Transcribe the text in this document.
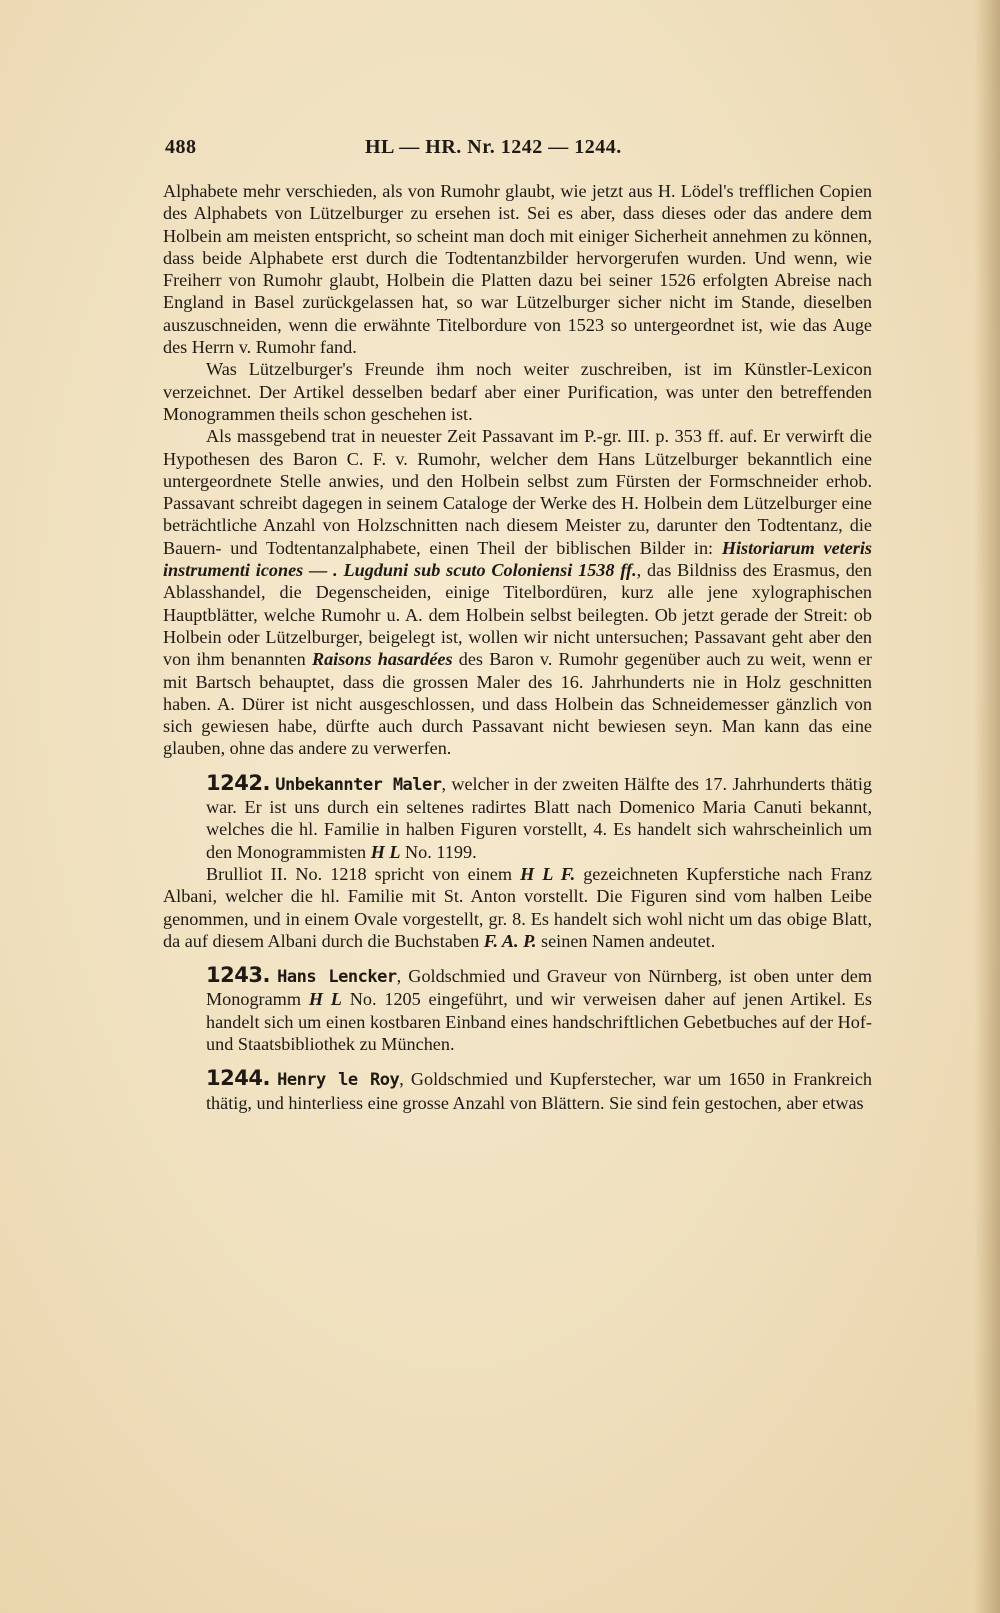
488	HL — HR. Nr. 1242 — 1244.

Alphabete mehr verschieden, als von Rumohr glaubt, wie jetzt aus H. Lödel's trefflichen Copien des Alphabets von Lützelburger zu ersehen ist. Sei es aber, dass dieses oder das andere dem Holbein am meisten entspricht, so scheint man doch mit einiger Sicherheit annehmen zu können, dass beide Alphabete erst durch die Todtentanzbilder hervorgerufen wurden. Und wenn, wie Freiherr von Rumohr glaubt, Holbein die Platten dazu bei seiner 1526 erfolgten Abreise nach England in Basel zurückgelassen hat, so war Lützelburger sicher nicht im Stande, dieselben auszuschneiden, wenn die erwähnte Titelbordure von 1523 so untergeordnet ist, wie das Auge des Herrn v. Rumohr fand.

Was Lützelburger's Freunde ihm noch weiter zuschreiben, ist im Künstler-Lexicon verzeichnet. Der Artikel desselben bedarf aber einer Purification, was unter den betreffenden Monogrammen theils schon geschehen ist.

Als massgebend trat in neuester Zeit Passavant im P.-gr. III. p. 353 ff. auf. Er verwirft die Hypothesen des Baron C. F. v. Rumohr, welcher dem Hans Lützelburger bekanntlich eine untergeordnete Stelle anwies, und den Holbein selbst zum Fürsten der Formschneider erhob. Passavant schreibt dagegen in seinem Cataloge der Werke des H. Holbein dem Lützelburger eine beträchtliche Anzahl von Holzschnitten nach diesem Meister zu, darunter den Todtentanz, die Bauern- und Todtentanzalphabete, einen Theil der biblischen Bilder in: Historiarum veteris instrumenti icones — . Lugduni sub scuto Coloniensi 1538 ff., das Bildniss des Erasmus, den Ablasshandel, die Degenscheiden, einige Titelbordüren, kurz alle jene xylographischen Hauptblätter, welche Rumohr u. A. dem Holbein selbst beilegten. Ob jetzt gerade der Streit: ob Holbein oder Lützelburger, beigelegt ist, wollen wir nicht untersuchen; Passavant geht aber den von ihm benannten Raisons hasardées des Baron v. Rumohr gegenüber auch zu weit, wenn er mit Bartsch behauptet, dass die grossen Maler des 16. Jahrhunderts nie in Holz geschnitten haben. A. Dürer ist nicht ausgeschlossen, und dass Holbein das Schneidemesser gänzlich von sich gewiesen habe, dürfte auch durch Passavant nicht bewiesen seyn. Man kann das eine glauben, ohne das andere zu verwerfen.

1242. Unbekannter Maler, welcher in der zweiten Hälfte des 17. Jahrhunderts thätig war. Er ist uns durch ein seltenes radirtes Blatt nach Domenico Maria Canuti bekannt, welches die hl. Familie in halben Figuren vorstellt, 4. Es handelt sich wahrscheinlich um den Monogrammisten H L No. 1199.

Brulliot II. No. 1218 spricht von einem H L F. gezeichneten Kupferstiche nach Franz Albani, welcher die hl. Familie mit St. Anton vorstellt. Die Figuren sind vom halben Leibe genommen, und in einem Ovale vorgestellt, gr. 8. Es handelt sich wohl nicht um das obige Blatt, da auf diesem Albani durch die Buchstaben F. A. P. seinen Namen andeutet.

1243. Hans Lencker, Goldschmied und Graveur von Nürnberg, ist oben unter dem Monogramm H L No. 1205 eingeführt, und wir verweisen daher auf jenen Artikel. Es handelt sich um einen kostbaren Einband eines handschriftlichen Gebetbuches auf der Hof- und Staatsbibliothek zu München.
1244. Henry le Roy, Goldschmied und Kupferstecher, war um 1650 in Frankreich thätig, und hinterliess eine grosse Anzahl von Blättern. Sie sind fein gestochen, aber etwas
